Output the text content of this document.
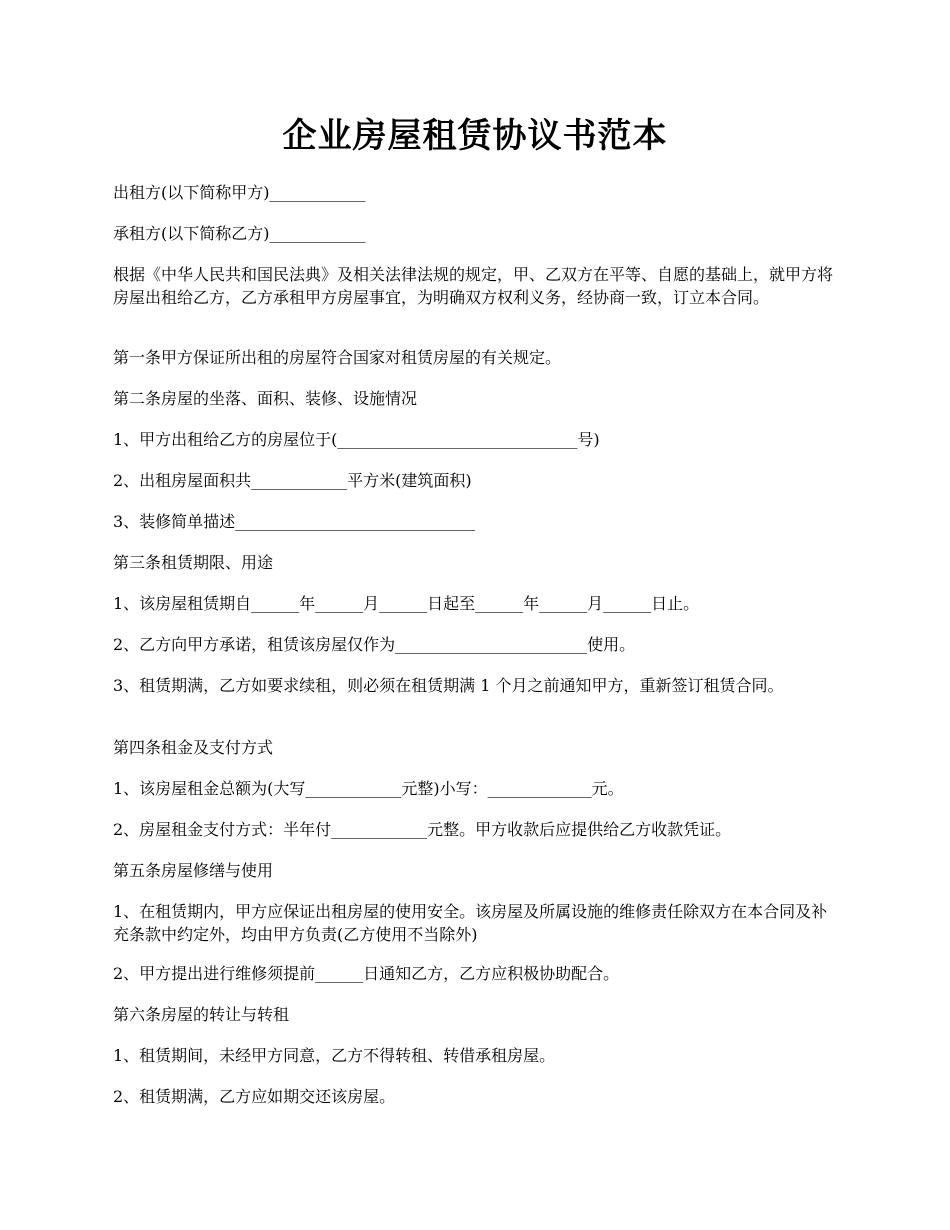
企业房屋租赁协议书范本

出租方(以下简称甲方)____________

承租方(以下简称乙方)____________

根据《中华人民共和国民法典》及相关法律法规的规定，甲、乙双方在平等、自愿的基础上，就甲方将房屋出租给乙方，乙方承租甲方房屋事宜，为明确双方权利义务，经协商一致，订立本合同。

第一条甲方保证所出租的房屋符合国家对租赁房屋的有关规定。

第二条房屋的坐落、面积、装修、设施情况

1、甲方出租给乙方的房屋位于(______________________________号)

2、出租房屋面积共____________平方米(建筑面积)

3、装修简单描述______________________________

第三条租赁期限、用途

1、该房屋租赁期自______年______月______日起至______年______月______日止。

2、乙方向甲方承诺，租赁该房屋仅作为________________________使用。

3、租赁期满，乙方如要求续租，则必须在租赁期满 1 个月之前通知甲方，重新签订租赁合同。

第四条租金及支付方式

1、该房屋租金总额为(大写____________元整)小写：_____________元。

2、房屋租金支付方式：半年付____________元整。甲方收款后应提供给乙方收款凭证。

第五条房屋修缮与使用

1、在租赁期内，甲方应保证出租房屋的使用安全。该房屋及所属设施的维修责任除双方在本合同及补充条款中约定外，均由甲方负责(乙方使用不当除外)

2、甲方提出进行维修须提前______日通知乙方，乙方应积极协助配合。

第六条房屋的转让与转租

1、租赁期间，未经甲方同意，乙方不得转租、转借承租房屋。

2、租赁期满，乙方应如期交还该房屋。
